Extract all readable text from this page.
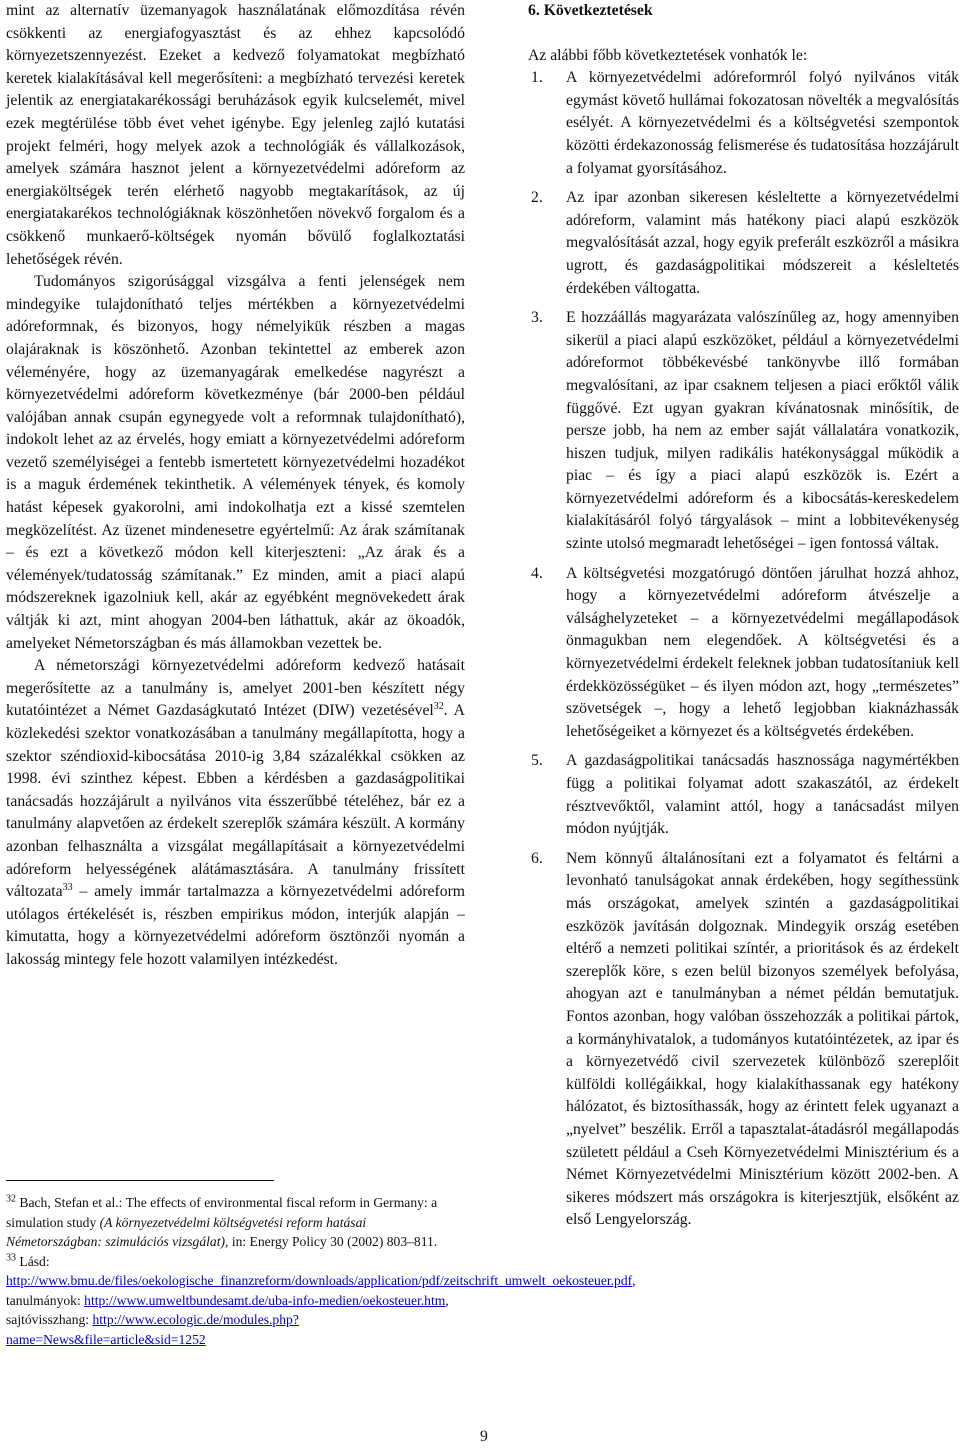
mint az alternatív üzemanyagok használatának előmozdítása révén csökkenti az energiafogyasztást és az ehhez kapcsolódó környezetszennyezést. Ezeket a kedvező folyamatokat megbízható keretek kialakításával kell megerősíteni: a megbízható tervezési keretek jelentik az energiatakarékossági beruházások egyik kulcselemét, mivel ezek megtérülése több évet vehet igénybe. Egy jelenleg zajló kutatási projekt felméri, hogy melyek azok a technológiák és vállalkozások, amelyek számára hasznot jelent a környezetvédelmi adóreform az energiaköltségek terén elérhető nagyobb megtakarítások, az új energiatakarékos technológiáknak köszönhetően növekvő forgalom és a csökkenő munkaerő-költségek nyomán bővülő foglalkoztatási lehetőségek révén.

Tudományos szigorúsággal vizsgálva a fenti jelenségek nem mindegyike tulajdonítható teljes mértékben a környezetvédelmi adóreformnak, és bizonyos, hogy némelyikük részben a magas olajáraknak is köszönhető. Azonban tekintettel az emberek azon véleményére, hogy az üzemanyagárak emelkedése nagyrészt a környezetvédelmi adóreform következménye (bár 2000-ben például valójában annak csupán egynegyede volt a reformnak tulajdonítható), indokolt lehet az az érvelés, hogy emiatt a környezetvédelmi adóreform vezető személyiségei a fentebb ismertetett környezetvédelmi hozadékot is a maguk érdemének tekinthetik. A vélemények tények, és komoly hatást képesek gyakorolni, ami indokolhatja ezt a kissé szemtelen megközelítést. Az üzenet mindenesetre egyértelmű: Az árak számítanak – és ezt a következő módon kell kiterjeszteni: „Az árak és a vélemények/tudatosság számítanak.” Ez minden, amit a piaci alapú módszereknek igazolniuk kell, akár az egyébként megnövekedett árak váltják ki azt, mint ahogyan 2004-ben láthattuk, akár az ökoadók, amelyeket Németországban és más államokban vezettek be.

A németországi környezetvédelmi adóreform kedvező hatásait megerősítette az a tanulmány is, amelyet 2001-ben készített négy kutatóintézet a Német Gazdaságkutató Intézet (DIW) vezetésével$^{32}$. A közlekedési szektor vonatkozásában a tanulmány megállapította, hogy a szektor széndioxid-kibocsátása 2010-ig 3,84 százalékkal csökken az 1998. évi szinthez képest. Ebben a kérdésben a gazdaságpolitikai tanácsadás hozzájárult a nyilvános vita ésszerűbbé tételéhez, bár ez a tanulmány alapvetően az érdekelt szereplők számára készült. A kormány azonban felhasználta a vizsgálat megállapításait a környezetvédelmi adóreform helyességének alátámasztására. A tanulmány frissített változata$^{33}$ – amely immár tartalmazza a környezetvédelmi adóreform utólagos értékelését is, részben empirikus módon, interjúk alapján – kimutatta, hogy a környezetvédelmi adóreform ösztönzői nyomán a lakosság mintegy fele hozott valamilyen intézkedést.

$^{32}$ Bach, Stefan et al.: The effects of environmental fiscal reform in Germany: a simulation study (A környezetvédelmi költségvetési reform hatásai Németországban: szimulációs vizsgálat), in: Energy Policy 30 (2002) 803–811.

$^{33}$ Lásd:
http://www.bmu.de/files/oekologische_finanzreform/downloads/application/pdf/zeitschrift_umwelt_oekosteuer.pdf, tanulmányok: http://www.umweltbundesamt.de/uba-info-medien/oekosteuer.htm, sajtóvisszhang: http://www.ecologic.de/modules.php?name=News&file=article&sid=1252

6. Következtetések

Az alábbi főbb következtetések vonhatók le:

1. A környezetvédelmi adóreformról folyó nyilvános viták egymást követő hullámai fokozatosan növelték a megvalósítás esélyét. A környezetvédelmi és a költségvetési szempontok közötti érdekazonosság felismerése és tudatosítása hozzájárult a folyamat gyorsításához.
2. Az ipar azonban sikeresen késleltette a környezetvédelmi adóreform, valamint más hatékony piaci alapú eszközök megvalósítását azzal, hogy egyik preferált eszközről a másikra ugrott, és gazdaságpolitikai módszereit a késleltetés érdekében váltogatta.
3. E hozzáállás magyarázata valószínűleg az, hogy amennyiben sikerül a piaci alapú eszközöket, például a környezetvédelmi adóreformot többékevésbé tankönyvbe illő formában megvalósítani, az ipar csaknem teljesen a piaci erőktől válik függővé. Ezt ugyan gyakran kívánatosnak minősítik, de persze jobb, ha nem az ember saját vállalatára vonatkozik, hiszen tudjuk, milyen radikális hatékonysággal működik a piac – és így a piaci alapú eszközök is. Ezért a környezetvédelmi adóreform és a kibocsátás-kereskedelem kialakításáról folyó tárgyalások – mint a lobbitevékenység szinte utolsó megmaradt lehetőségei – igen fontossá váltak.
4. A költségvetési mozgatórugó döntően járulhat hozzá ahhoz, hogy a környezetvédelmi adóreform átvészelje a válsághelyzeteket – a környezetvédelmi megállapodások önmagukban nem elegendőek. A költségvetési és a környezetvédelmi érdekelt feleknek jobban tudatosítaniuk kell érdekközösségüket – és ilyen módon azt, hogy „természetes” szövetségek –, hogy a lehető legjobban kiaknázhassák lehetőségeiket a környezet és a költségvetés érdekében.
5. A gazdaságpolitikai tanácsadás hasznossága nagymértékben függ a politikai folyamat adott szakaszától, az érdekelt résztvevőktől, valamint attól, hogy a tanácsadást milyen módon nyújtják.
6. Nem könnyű általánosítani ezt a folyamatot és feltárni a levonható tanulságokat annak érdekében, hogy segíthessünk más országokat, amelyek szintén a gazdaságpolitikai eszközök javításán dolgoznak. Mindegyik ország esetében eltérő a nemzeti politikai színtér, a prioritások és az érdekelt szereplők köre, s ezen belül bizonyos személyek befolyása, ahogyan azt e tanulmányban a német példán bemutatjuk. Fontos azonban, hogy valóban összehozzák a politikai pártok, a kormányhivatalok, a tudományos kutatóintézetek, az ipar és a környezetvédő civil szervezetek különböző szereplőit külföldi kollégáikkal, hogy kialakíthassanak egy hatékony hálózatot, és biztosíthassák, hogy az érintett felek ugyanazt a „nyelvet” beszélik. Erről a tapasztalat-átadásról megállapodás született például a Cseh Környezetvédelmi Minisztérium és a Német Környezetvédelmi Minisztérium között 2002-ben. A sikeres módszert más országokra is kiterjesztjük, elsőként az első Lengyelország.
9
